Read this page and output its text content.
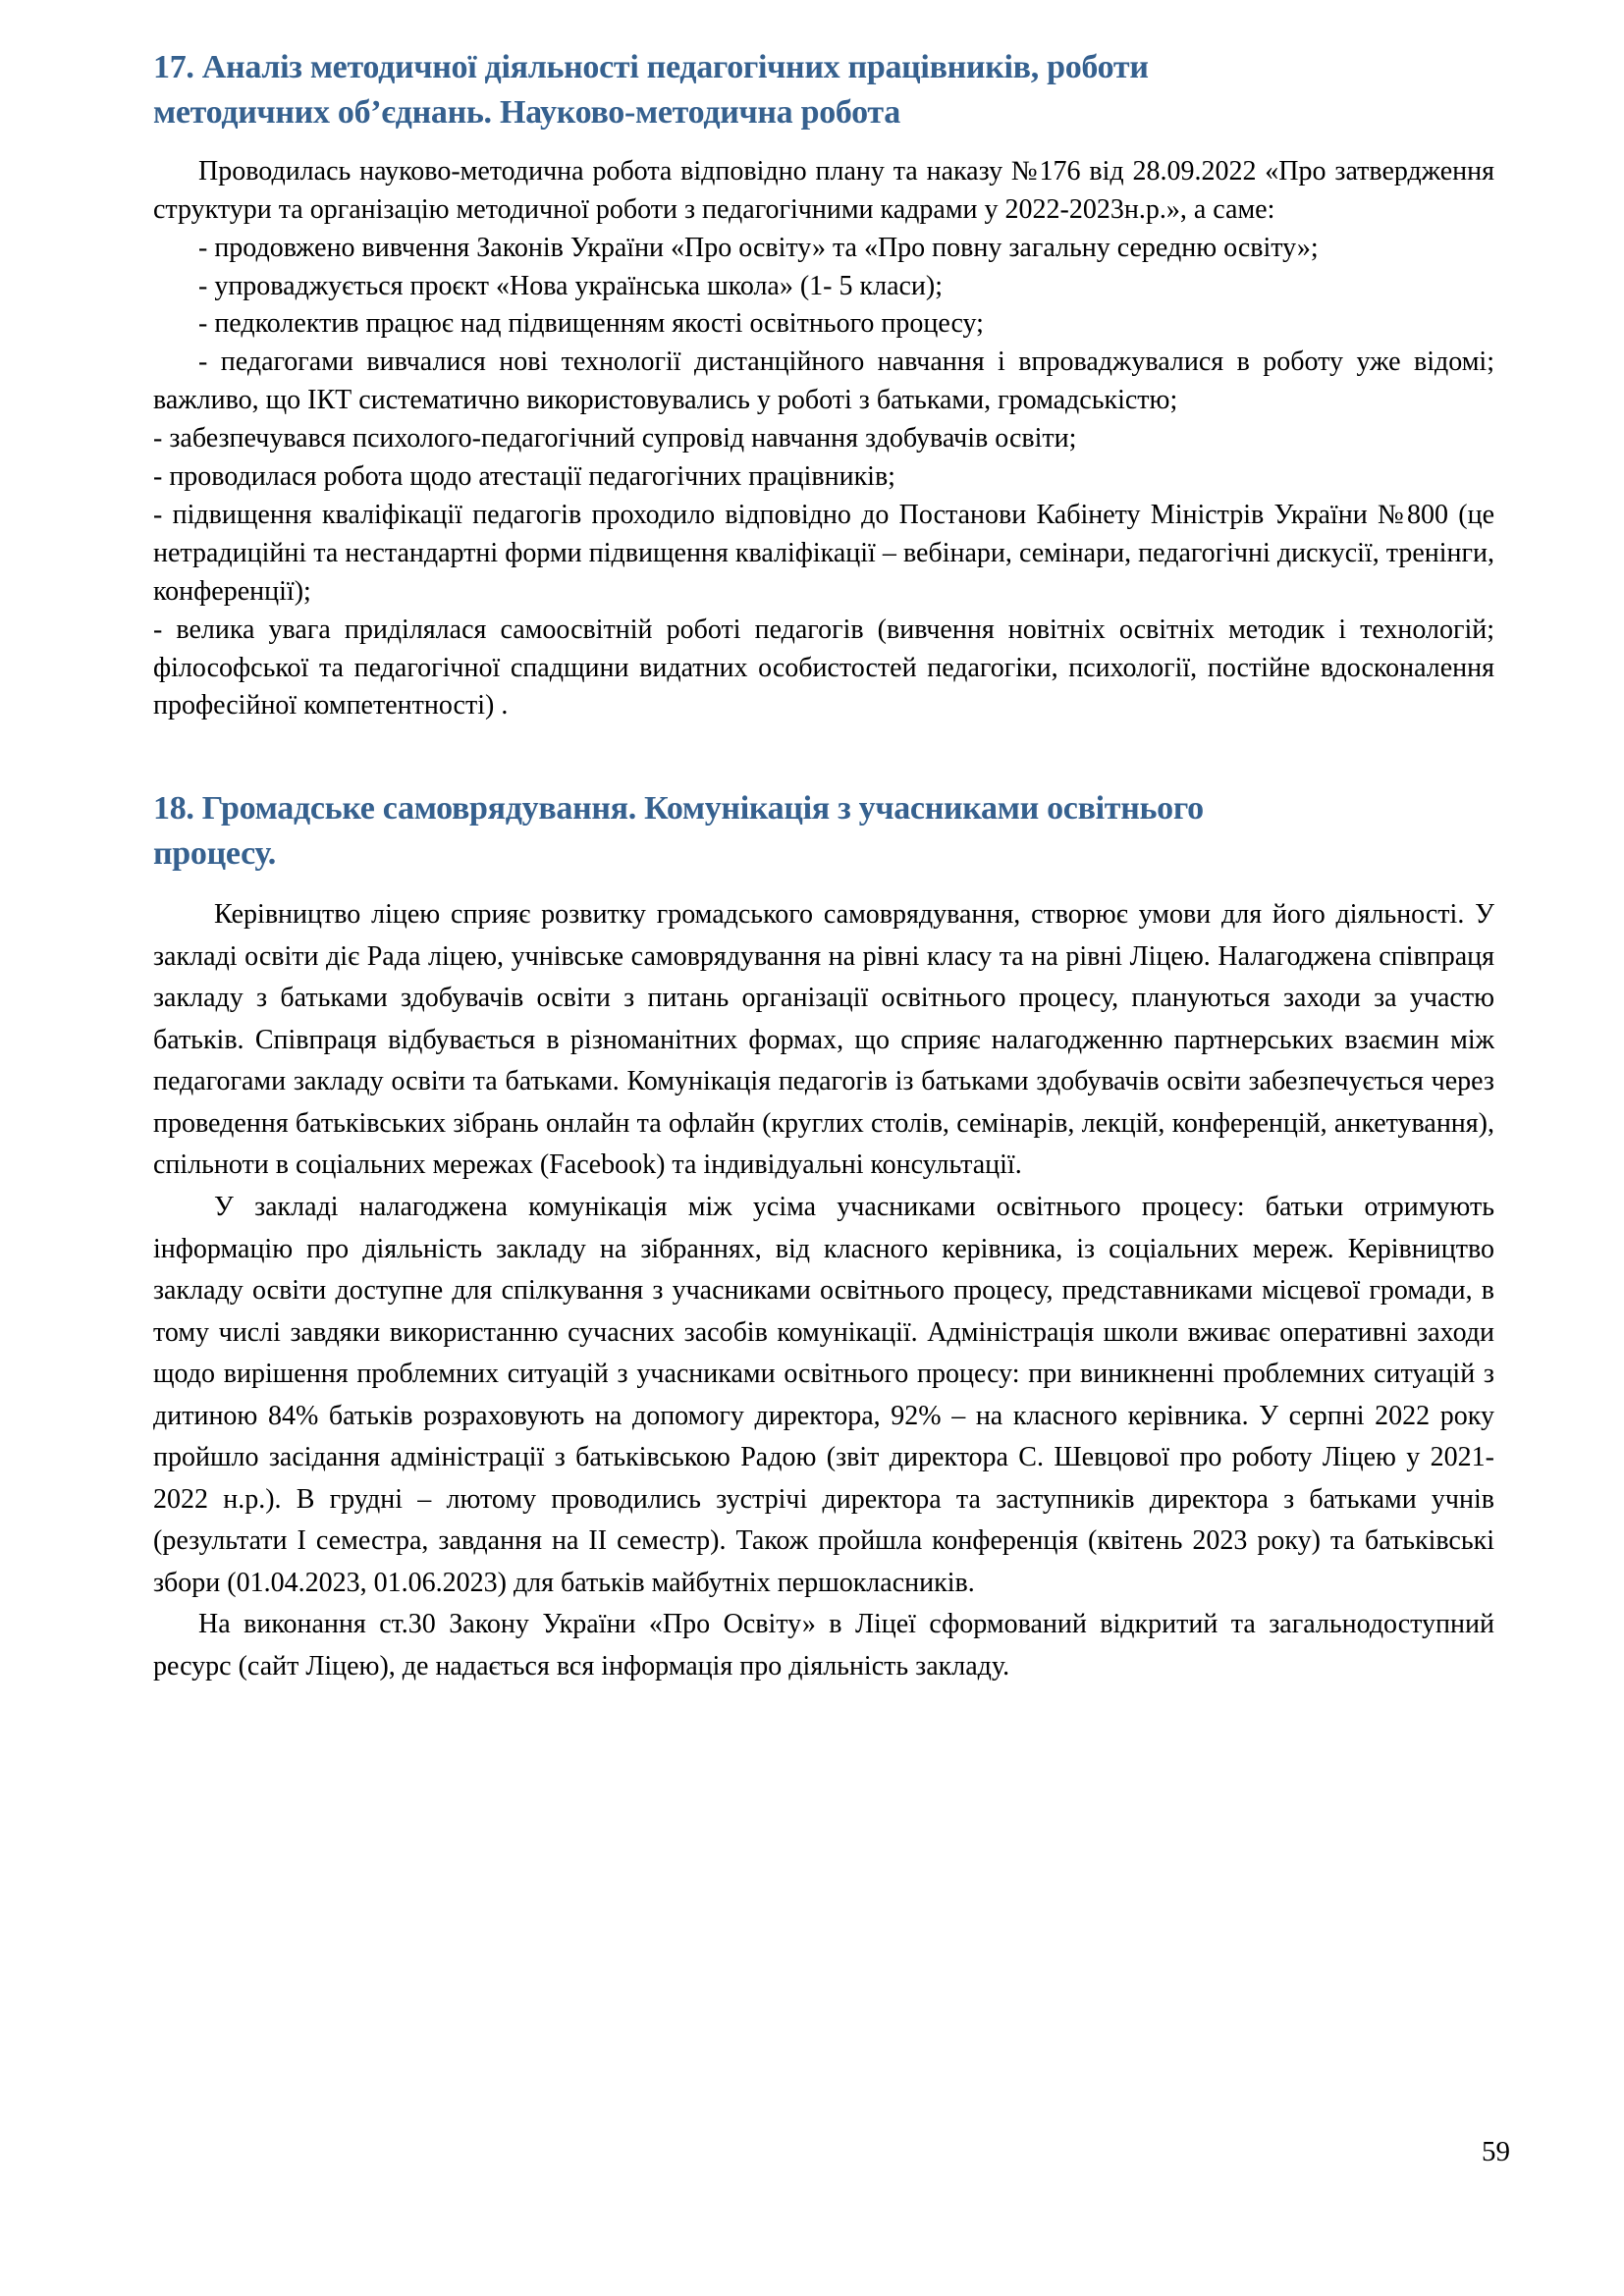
17. Аналіз методичної діяльності педагогічних працівників, роботи методичних об’єднань. Науково-методична робота

Проводилась науково-методична робота відповідно плану та наказу №176 від 28.09.2022 «Про затвердження структури та організацію методичної роботи з педагогічними кадрами у 2022-2023н.р.», а саме:

- продовжено вивчення Законів України «Про освіту» та «Про повну загальну середню освіту»;

- упроваджується проєкт «Нова українська школа» (1- 5 класи);

- педколектив працює над підвищенням якості освітнього процесу;

- педагогами вивчалися нові технології дистанційного навчання і впроваджувалися в роботу уже відомі; важливо, що ІКТ систематично використовувались у роботі з батьками, громадськістю;

- забезпечувався психолого-педагогічний супровід навчання здобувачів освіти;

- проводилася робота щодо атестації педагогічних працівників;

- підвищення кваліфікації педагогів проходило відповідно до Постанови Кабінету Міністрів України №800 (це нетрадиційні та нестандартні форми підвищення кваліфікації – вебінари, семінари, педагогічні дискусії, тренінги, конференції);

- велика увага приділялася самоосвітній роботі педагогів (вивчення новітніх освітніх методик і технологій; філософської та педагогічної спадщини видатних особистостей педагогіки, психології, постійне вдосконалення професійної компетентності) .

18. Громадське самоврядування. Комунікація з учасниками освітнього процесу.

Керівництво ліцею сприяє розвитку громадського самоврядування, створює умови для його діяльності. У закладі освіти діє Рада ліцею, учнівське самоврядування на рівні класу та на рівні Ліцею. Налагоджена співпраця закладу з батьками здобувачів освіти з питань організації освітнього процесу, плануються заходи за участю батьків. Співпраця відбувається в різноманітних формах, що сприяє налагодженню партнерських взаємин між педагогами закладу освіти та батьками. Комунікація педагогів із батьками здобувачів освіти забезпечується через проведення батьківських зібрань онлайн та офлайн (круглих столів, семінарів, лекцій, конференцій, анкетування), спільноти в соціальних мережах (Facebook) та індивідуальні консультації.

У закладі налагоджена комунікація між усіма учасниками освітнього процесу: батьки отримують інформацію про діяльність закладу на зібраннях, від класного керівника, із соціальних мереж. Керівництво закладу освіти доступне для спілкування з учасниками освітнього процесу, представниками місцевої громади, в тому числі завдяки використанню сучасних засобів комунікації. Адміністрація школи вживає оперативні заходи щодо вирішення проблемних ситуацій з учасниками освітнього процесу: при виникненні проблемних ситуацій з дитиною 84% батьків розраховують на допомогу директора, 92% – на класного керівника. У серпні 2022 року пройшло засідання адміністрації з батьківською Радою (звіт директора С. Шевцової про роботу Ліцею у 2021-2022 н.р.). В грудні – лютому проводились зустрічі директора та заступників директора з батьками учнів (результати І семестра, завдання на ІІ семестр). Також пройшла конференція (квітень 2023 року) та батьківські збори (01.04.2023, 01.06.2023) для батьків майбутніх першокласників.

На виконання ст.30 Закону України «Про Освіту» в Ліцеї сформований відкритий та загальнодоступний ресурс (сайт Ліцею), де надається вся інформація про діяльність закладу.

59
